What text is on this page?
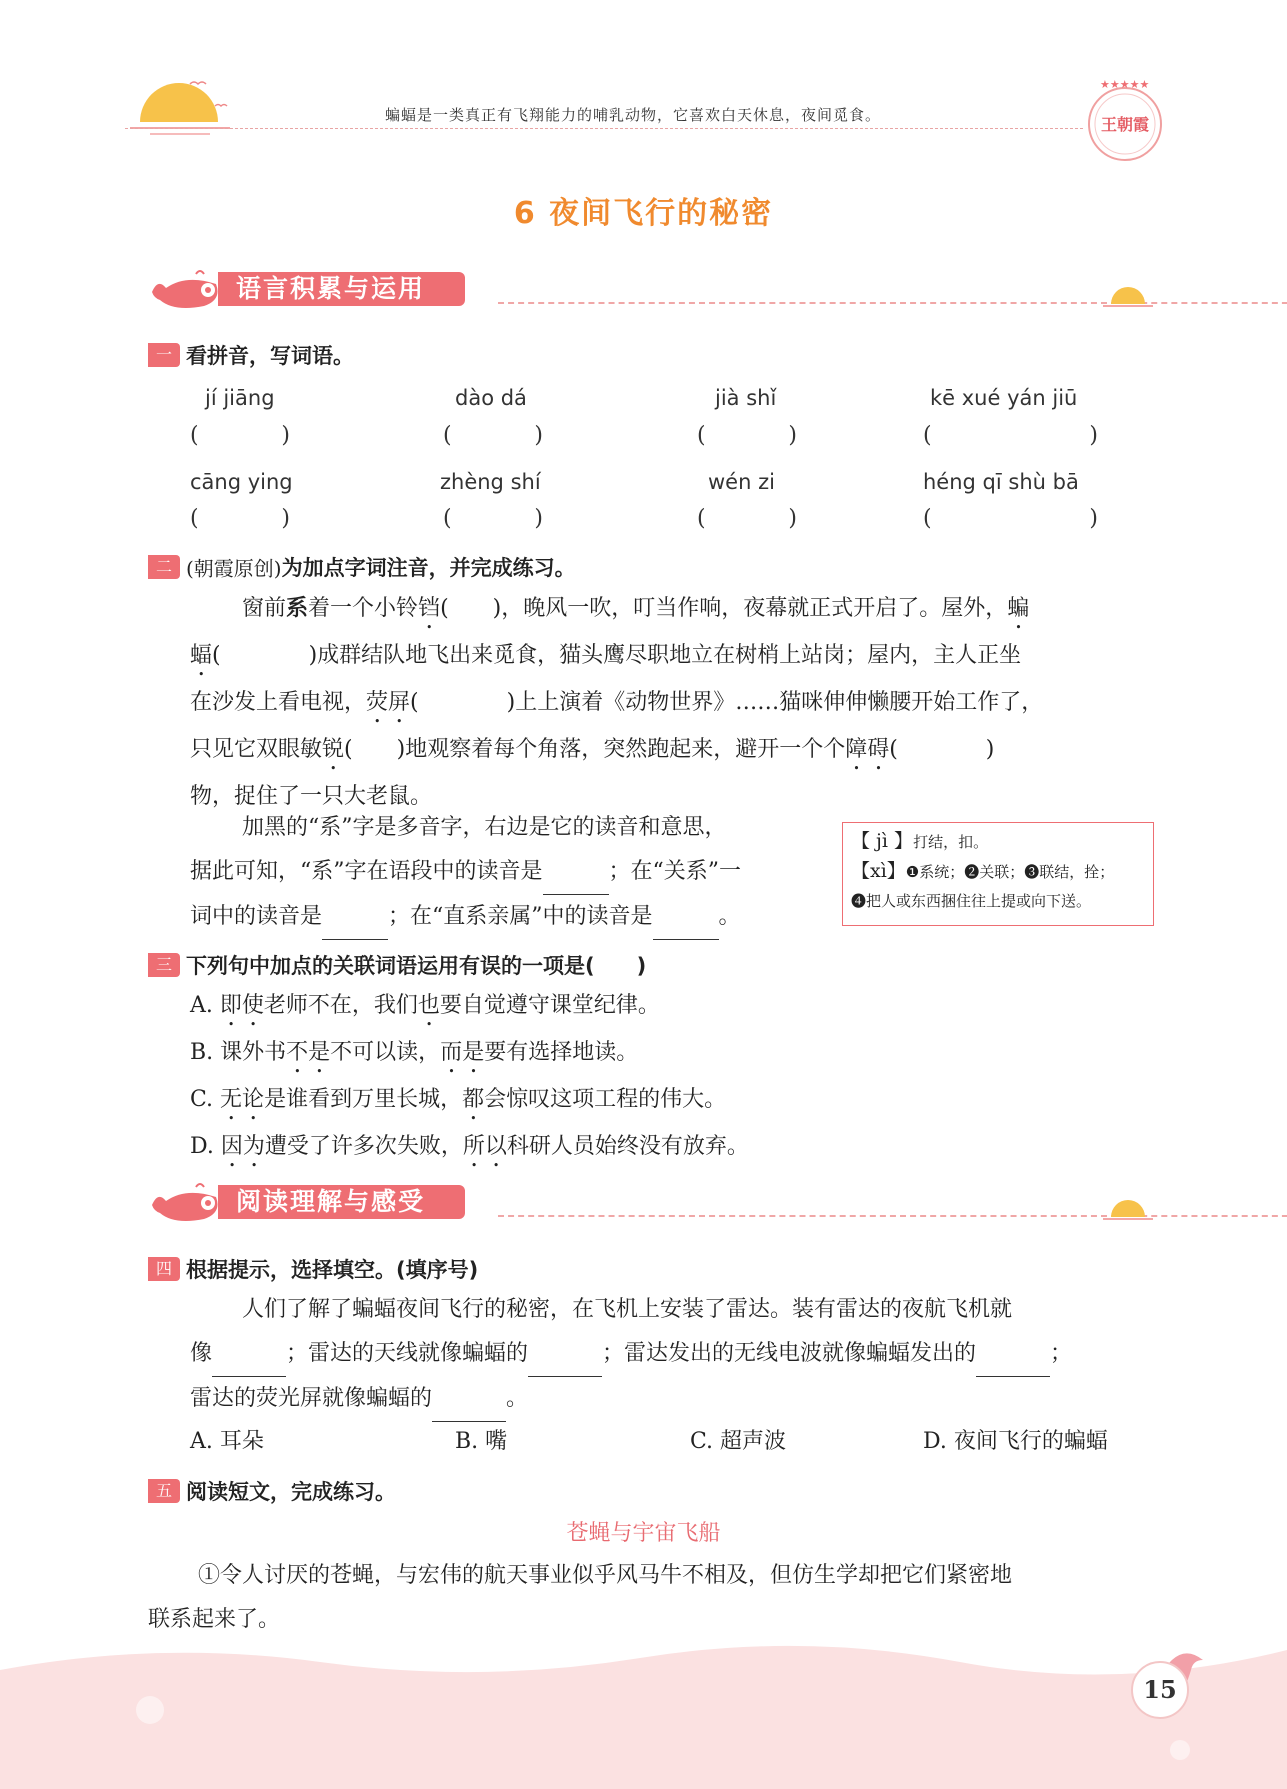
蝙蝠是一类真正有飞翔能力的哺乳动物，它喜欢白天休息，夜间觅食。
★★★★★
王朝霞
6 夜间飞行的秘密
语言积累与运用
一 看拼音，写词语。
jí jiāng	dào dá	jià shǐ	kē xué yán jiū
(	)	(	)	(	)	(	)
cāng ying	zhèng shí	wén zi	héng qī shù bā
(	)	(	)	(	)	(	)
二 (朝霞原创)为加点字词注音，并完成练习。
窗前系着一个小铃铛(　　)，晚风一吹，叮当作响，夜幕就正式开启了。屋外，蝙
蝠(　　　　)成群结队地飞出来觅食，猫头鹰尽职地立在树梢上站岗；屋内，主人正坐
在沙发上看电视，荧屏(　　　　)上上演着《动物世界》……猫咪伸伸懒腰开始工作了，
只见它双眼敏锐(　　)地观察着每个角落，突然跑起来，避开一个个障碍(　　　　)
物，捉住了一只大老鼠。
加黑的“系”字是多音字，右边是它的读音和意思，
据此可知，“系”字在语段中的读音是	；在“关系”一
词中的读音是	；在“直系亲属”中的读音是	。
【 jì 】打结，扣。
【xì】❶系统；❷关联；❸联结，拴；
❹把人或东西捆住往上提或向下送。
三 下列句中加点的关联词语运用有误的一项是(　　)
A. 即使老师不在，我们也要自觉遵守课堂纪律。
B. 课外书不是不可以读，而是要有选择地读。
C. 无论是谁看到万里长城，都会惊叹这项工程的伟大。
D. 因为遭受了许多次失败，所以科研人员始终没有放弃。
阅读理解与感受
四 根据提示，选择填空。(填序号)
人们了解了蝙蝠夜间飞行的秘密，在飞机上安装了雷达。装有雷达的夜航飞机就
像	；雷达的天线就像蝙蝠的	；雷达发出的无线电波就像蝙蝠发出的	；
雷达的荧光屏就像蝙蝠的	。
A. 耳朵	B. 嘴	C. 超声波	D. 夜间飞行的蝙蝠
五 阅读短文，完成练习。
苍蝇与宇宙飞船
①令人讨厌的苍蝇，与宏伟的航天事业似乎风马牛不相及，但仿生学却把它们紧密地
联系起来了。
15
